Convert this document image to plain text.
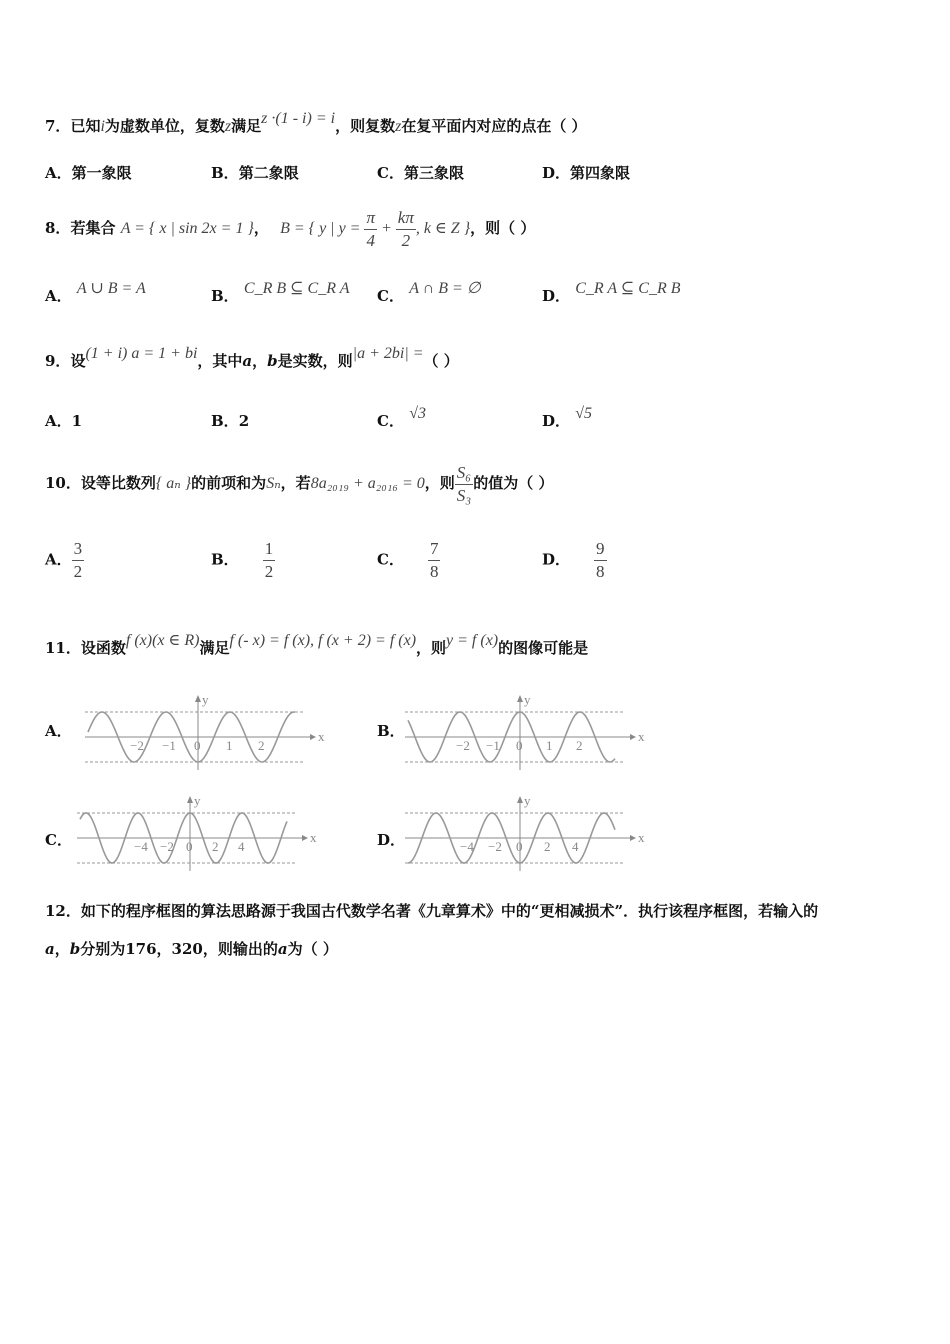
7．已知i为虚数单位，复数z满足z ·(1 - i) = i，则复数z在复平面内对应的点在（ ）
A．第一象限	B．第二象限	C．第三象限	D．第四象限
8．若集合 A = { x | sin 2x = 1 }， B = { y | $y = \frac{\pi}{4} + \frac{k\pi}{2}$ , k ∈ Z }，则（ ）
A． A ∪ B = A	B． C_R B ⊆ C_R A C． A ∩ B = ∅	D． C_R A ⊆ C_R B
9．设(1 + i) a = 1 + bi，其中a，b是实数，则|a + 2bi| =（ ）
A．1	B．2	C． √3	D． √5
10．设等比数列{ aₙ }的前项和为Sₙ，若8a₂₀₁₉ + a₂₀₁₆ = 0，则 $\frac{\text{S₆}}{\text{S₃}}$ 的值为（ ）
A． $\frac{3}{2}$	B． $\frac{1}{2}$	C． $\frac{7}{8}$	D． $\frac{9}{8}$
11．设函数f (x)(x ∈ R)满足f (- x) = f (x), f (x + 2) = f (x)，则y = f (x)的图像可能是
A．	B．
C．	D．
x
y
−2 −1 0 1 2
x
y
−2 −1 0 1 2
x
y
−4 −2 0 2 4
x
y
−4 −2 0 2 4
12．如下的程序框图的算法思路源于我国古代数学名著《九章算术》中的“更相减损术”．执行该程序框图，若输入的
a，b分别为176，320，则输出的a为（ ）
